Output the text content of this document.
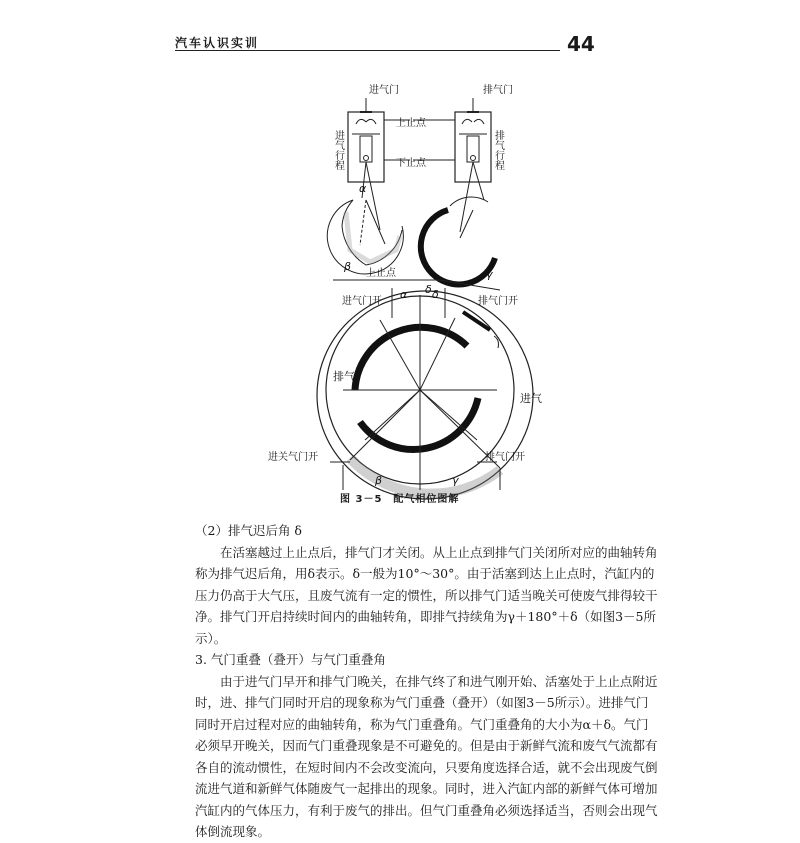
汽车认识实训	44
进气门	排气门
上止点
下止点
进气行程	排气行程
α
β
上止点	γ
δ
进气门开	排气门开
α δ
排气
进气
进关气门开	排气门开
β	γ
图 3－5　配气相位图解

（2）排气迟后角 δ

在活塞越过上止点后，排气门才关闭。从上止点到排气门关闭所对应的曲轴转角称为排气迟后角，用δ表示。δ一般为10°～30°。由于活塞到达上止点时，汽缸内的压力仍高于大气压，且废气流有一定的惯性，所以排气门适当晚关可使废气排得较干净。排气门开启持续时间内的曲轴转角，即排气持续角为γ＋180°＋δ（如图3－5所示）。

3. 气门重叠（叠开）与气门重叠角

由于进气门早开和排气门晚关，在排气终了和进气刚开始、活塞处于上止点附近时，进、排气门同时开启的现象称为气门重叠（叠开）（如图3－5所示）。进排气门同时开启过程对应的曲轴转角，称为气门重叠角。气门重叠角的大小为α＋δ。气门必须早开晚关，因而气门重叠现象是不可避免的。但是由于新鲜气流和废气气流都有各自的流动惯性，在短时间内不会改变流向，只要角度选择合适，就不会出现废气倒流进气道和新鲜气体随废气一起排出的现象。同时，进入汽缸内部的新鲜气体可增加汽缸内的气体压力，有利于废气的排出。但气门重叠角必须选择适当，否则会出现气体倒流现象。
